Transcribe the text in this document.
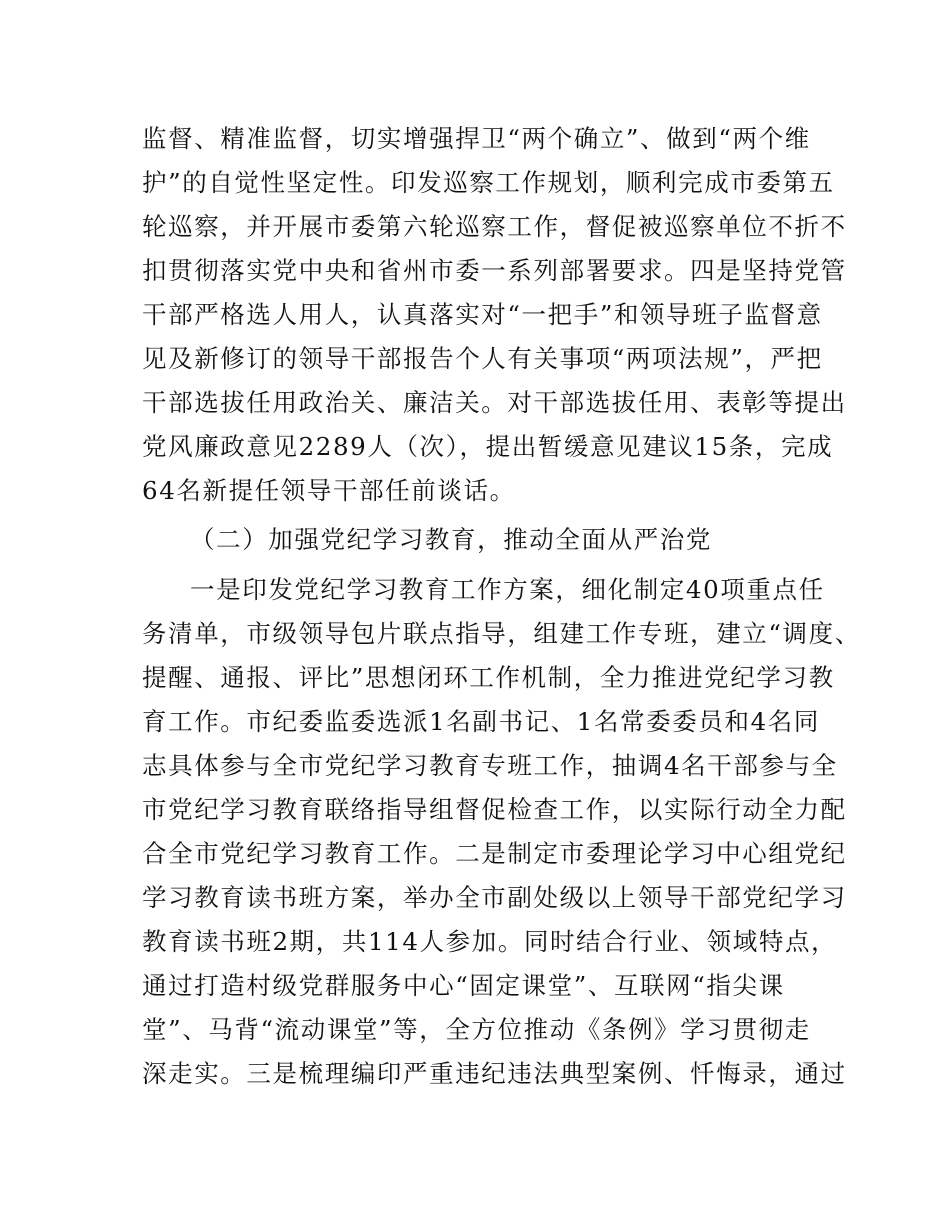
监督、精准监督，切实增强捍卫“两个确立”、做到“两个维
护”的自觉性坚定性。印发巡察工作规划，顺利完成市委第五
轮巡察，并开展市委第六轮巡察工作，督促被巡察单位不折不
扣贯彻落实党中央和省州市委一系列部署要求。四是坚持党管
干部严格选人用人，认真落实对“一把手”和领导班子监督意
见及新修订的领导干部报告个人有关事项“两项法规”，严把
干部选拔任用政治关、廉洁关。对干部选拔任用、表彰等提出
党风廉政意见2289人（次），提出暂缓意见建议15条，完成
64名新提任领导干部任前谈话。
（二）加强党纪学习教育，推动全面从严治党
一是印发党纪学习教育工作方案，细化制定40项重点任
务清单，市级领导包片联点指导，组建工作专班，建立“调度、
提醒、通报、评比”思想闭环工作机制，全力推进党纪学习教
育工作。市纪委监委选派1名副书记、1名常委委员和4名同
志具体参与全市党纪学习教育专班工作，抽调4名干部参与全
市党纪学习教育联络指导组督促检查工作，以实际行动全力配
合全市党纪学习教育工作。二是制定市委理论学习中心组党纪
学习教育读书班方案，举办全市副处级以上领导干部党纪学习
教育读书班2期，共114人参加。同时结合行业、领域特点，
通过打造村级党群服务中心“固定课堂”、互联网“指尖课
堂”、马背“流动课堂”等，全方位推动《条例》学习贯彻走
深走实。三是梳理编印严重违纪违法典型案例、忏悔录，通过
